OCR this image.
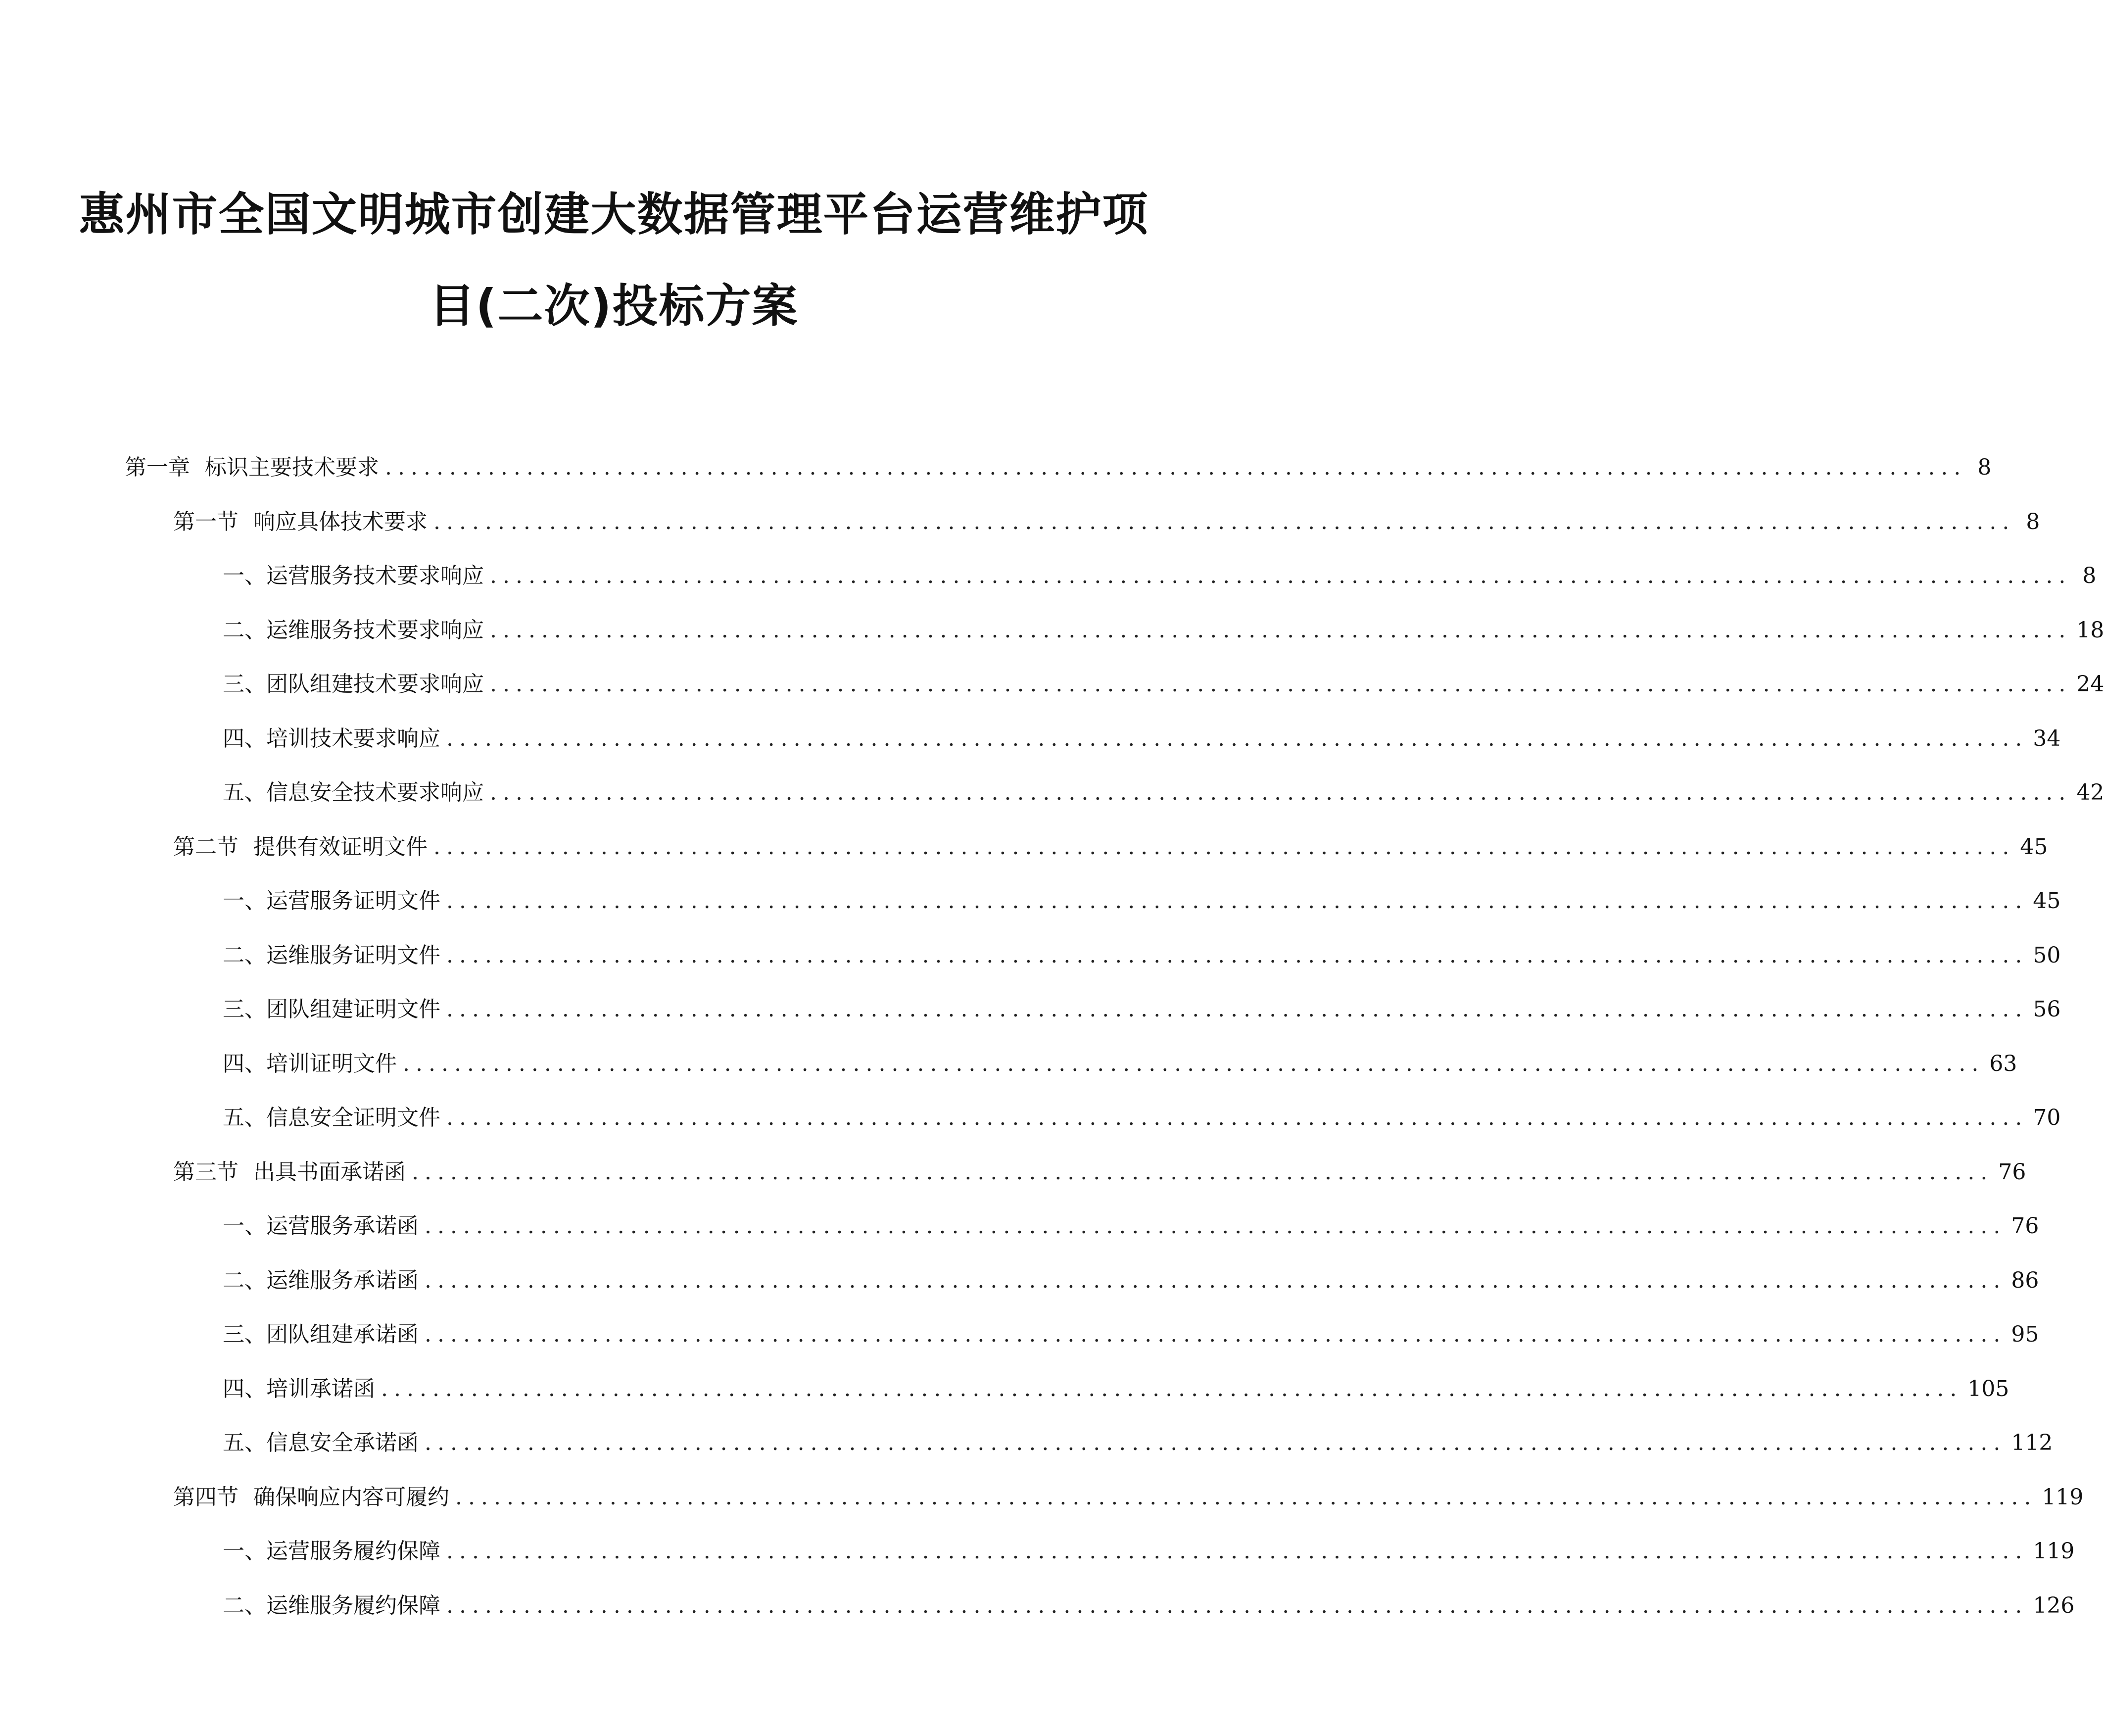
惠州市全国文明城市创建大数据管理平台运营维护项
目(二次)投标方案
第一章 标识主要技术要求 ........................................................................................................................... 8
第一节 响应具体技术要求 ........................................................................................................................... 8
一、 运营服务技术要求响应 ........................................................................................................................... 8
二、 运维服务技术要求响应 ........................................................................................................................... 18
三、 团队组建技术要求响应 ........................................................................................................................... 24
四、 培训技术要求响应 ........................................................................................................................... 34
五、 信息安全技术要求响应 ........................................................................................................................... 42
第二节 提供有效证明文件 ........................................................................................................................... 45
一、 运营服务证明文件 ........................................................................................................................... 45
二、 运维服务证明文件 ........................................................................................................................... 50
三、 团队组建证明文件 ........................................................................................................................... 56
四、 培训证明文件 ........................................................................................................................... 63
五、 信息安全证明文件 ........................................................................................................................... 70
第三节 出具书面承诺函 ........................................................................................................................... 76
一、 运营服务承诺函 ........................................................................................................................... 76
二、 运维服务承诺函 ........................................................................................................................... 86
三、 团队组建承诺函 ........................................................................................................................... 95
四、 培训承诺函 ........................................................................................................................... 105
五、 信息安全承诺函 ........................................................................................................................... 112
第四节 确保响应内容可履约 ........................................................................................................................... 119
一、 运营服务履约保障 ........................................................................................................................... 119
二、 运维服务履约保障 ........................................................................................................................... 126
